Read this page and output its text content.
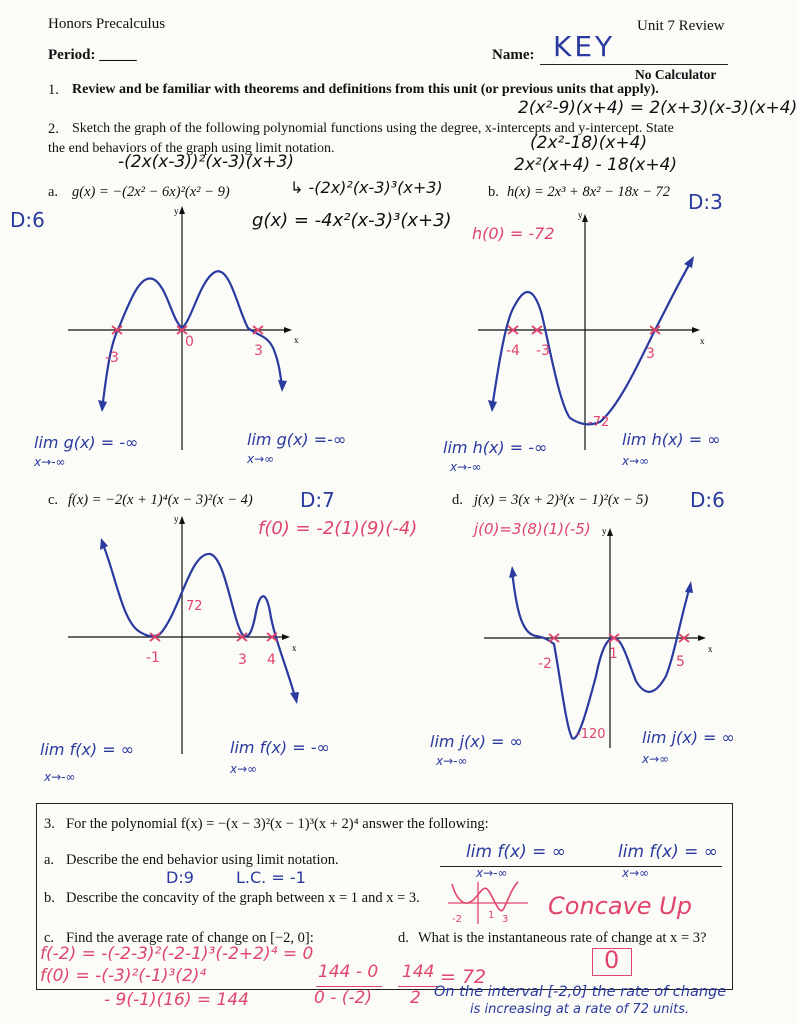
Honors Precalculus	Unit 7 Review
Period: _____	Name: KEY
No Calculator
1. Review and be familiar with theorems and definitions from this unit (or previous units that apply).
2. Sketch the graph of the following polynomial functions using the degree, x-intercepts and y-intercept. State
the end behaviors of the graph using limit notation.
2(x²-9)(x+4) = 2(x+3)(x-3)(x+4)
(2x²-18)(x+4)
2x²(x+4) - 18(x+4)
-(2x(x-3))²(x-3)(x+3)
↳ -(2x)²(x-3)³(x+3)
a. g(x) = −(2x² − 6x)²(x² − 9)	b. h(x) = 2x³ + 8x² − 18x − 72
D:6	g(x) = -4x²(x-3)³(x+3)
D:3
h(0) = -72
y
x
-3
0
3
lim g(x) = -∞
x→-∞
lim g(x) =-∞
x→∞
y
x
-4 -3	3
-72
lim h(x) = -∞
x→-∞
lim h(x) = ∞
x→∞
c. f(x) = −2(x + 1)⁴(x − 3)²(x − 4) D:7
f(0) = -2(1)(9)(-4)
d. j(x) = 3(x + 2)³(x − 1)²(x − 5) D:6
j(0)=3(8)(1)(-5)
y
x
-1	3 4
72
lim f(x) = ∞
x→-∞
lim f(x) = -∞
x→∞
y
x
-2
1	5
-120
lim j(x) = ∞
x→-∞
lim j(x) = ∞
x→∞
3. For the polynomial f(x) = −(x − 3)²(x − 1)³(x + 2)⁴ answer the following:
a. Describe the end behavior using limit notation.	lim f(x) = ∞
x→-∞
lim f(x) = ∞
x→∞
D:9	L.C. = -1
b. Describe the concavity of the graph between x = 1 and x = 3.
-2	1 3 Concave Up
c. Find the average rate of change on [−2, 0]:	d. What is the instantaneous rate of change at x = 3?
f(-2) = -(-2-3)²(-2-1)³(-2+2)⁴ = 0
f(0) = -(-3)²(-1)³(2)⁴
- 9(-1)(16) = 144
144 - 0
0 - (-2)
144
2
= 72
On the interval [-2,0] the rate of change
is increasing at a rate of 72 units.
0
